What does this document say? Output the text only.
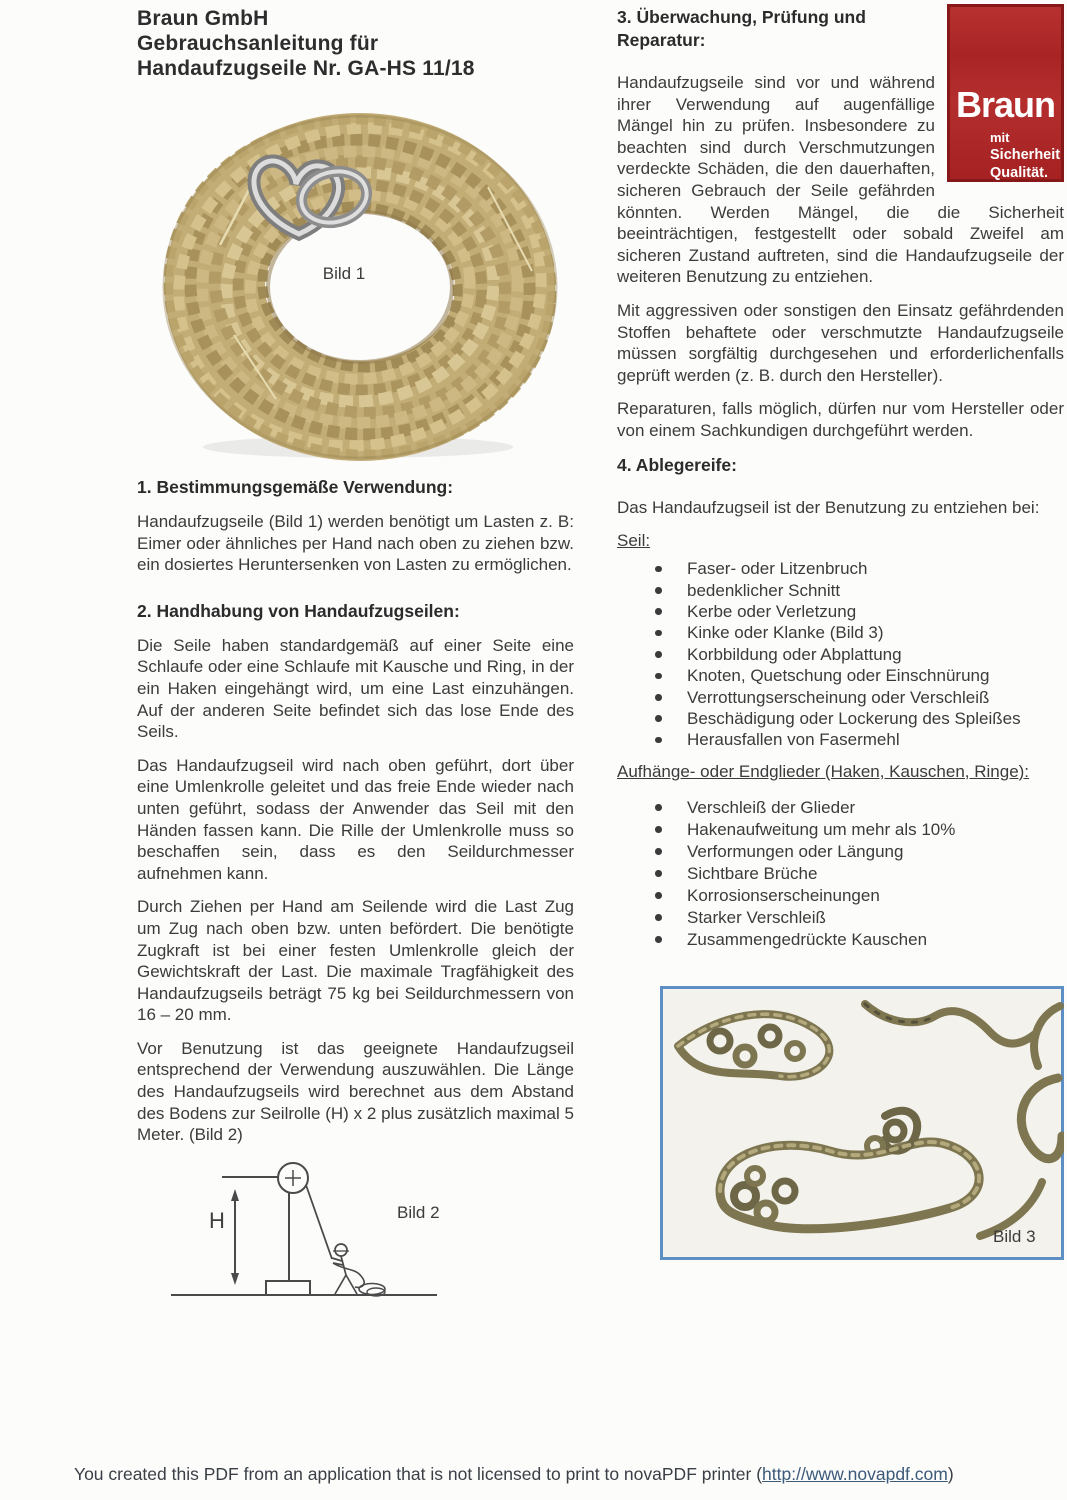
Braun GmbH
Gebrauchsanleitung für
Handaufzugseile Nr. GA-HS 11/18
Bild 1
1. Bestimmungsgemäße Verwendung:

Handaufzugseile (Bild 1) werden benötigt um Lasten z. B: Eimer oder ähnliches per Hand nach oben zu ziehen bzw. ein dosiertes Heruntersenken von Lasten zu ermöglichen.

2. Handhabung von Handaufzugseilen:

Die Seile haben standardgemäß auf einer Seite eine Schlaufe oder eine Schlaufe mit Kausche und Ring, in der ein Haken eingehängt wird, um eine Last einzuhängen. Auf der anderen Seite befindet sich das lose Ende des Seils.

Das Handaufzugseil wird nach oben geführt, dort über eine Umlenkrolle geleitet und das freie Ende wieder nach unten geführt, sodass der Anwender das Seil mit den Händen fassen kann. Die Rille der Umlenkrolle muss so beschaffen sein, dass es den Seildurchmesser aufnehmen kann.

Durch Ziehen per Hand am Seilende wird die Last Zug um Zug nach oben bzw. unten befördert. Die benötigte Zugkraft ist bei einer festen Umlenkrolle gleich der Gewichtskraft der Last. Die maximale Tragfähigkeit des Handaufzugseils beträgt 75 kg bei Seildurchmessern von 16 – 20 mm.

Vor Benutzung ist das geeignete Handaufzugseil entsprechend der Verwendung auszuwählen. Die Länge des Handaufzugseils wird berechnet aus dem Abstand des Bodens zur Seilrolle (H) x 2 plus zusätzlich maximal 5 Meter. (Bild 2)

H	Bild 2
Braun
mit
Sicherheit
Qualität.
3. Überwachung, Prüfung und Reparatur:

Handaufzugseile sind vor und während ihrer Verwendung auf augenfällige Mängel hin zu prüfen. Insbesondere zu beachten sind durch Verschmutzungen verdeckte Schäden, die den dauerhaften, sicheren Gebrauch der Seile gefährden könnten. Werden Mängel, die die Sicherheit beeinträchtigen, festgestellt oder sobald Zweifel am sicheren Zustand auftreten, sind die Handaufzugseile der weiteren Benutzung zu entziehen.

Mit aggressiven oder sonstigen den Einsatz gefährdenden Stoffen behaftete oder verschmutzte Handaufzugseile müssen sorgfältig durchgesehen und erforderlichenfalls geprüft werden (z. B. durch den Hersteller).

Reparaturen, falls möglich, dürfen nur vom Hersteller oder von einem Sachkundigen durchgeführt werden.

4. Ablegereife:

Das Handaufzugseil ist der Benutzung zu entziehen bei:

Seil:
Faser- oder Litzenbruch
bedenklicher Schnitt
Kerbe oder Verletzung
Kinke oder Klanke (Bild 3)
Korbbildung oder Abplattung
Knoten, Quetschung oder Einschnürung
Verrottungserscheinung oder Verschleiß
Beschädigung oder Lockerung des Spleißes
Herausfallen von Fasermehl
Aufhänge- oder Endglieder (Haken, Kauschen, Ringe):
Verschleiß der Glieder
Hakenaufweitung um mehr als 10%
Verformungen oder Längung
Sichtbare Brüche
Korrosionserscheinungen
Starker Verschleiß
Zusammengedrückte Kauschen
Bild 3
You created this PDF from an application that is not licensed to print to novaPDF printer (http://www.novapdf.com)
